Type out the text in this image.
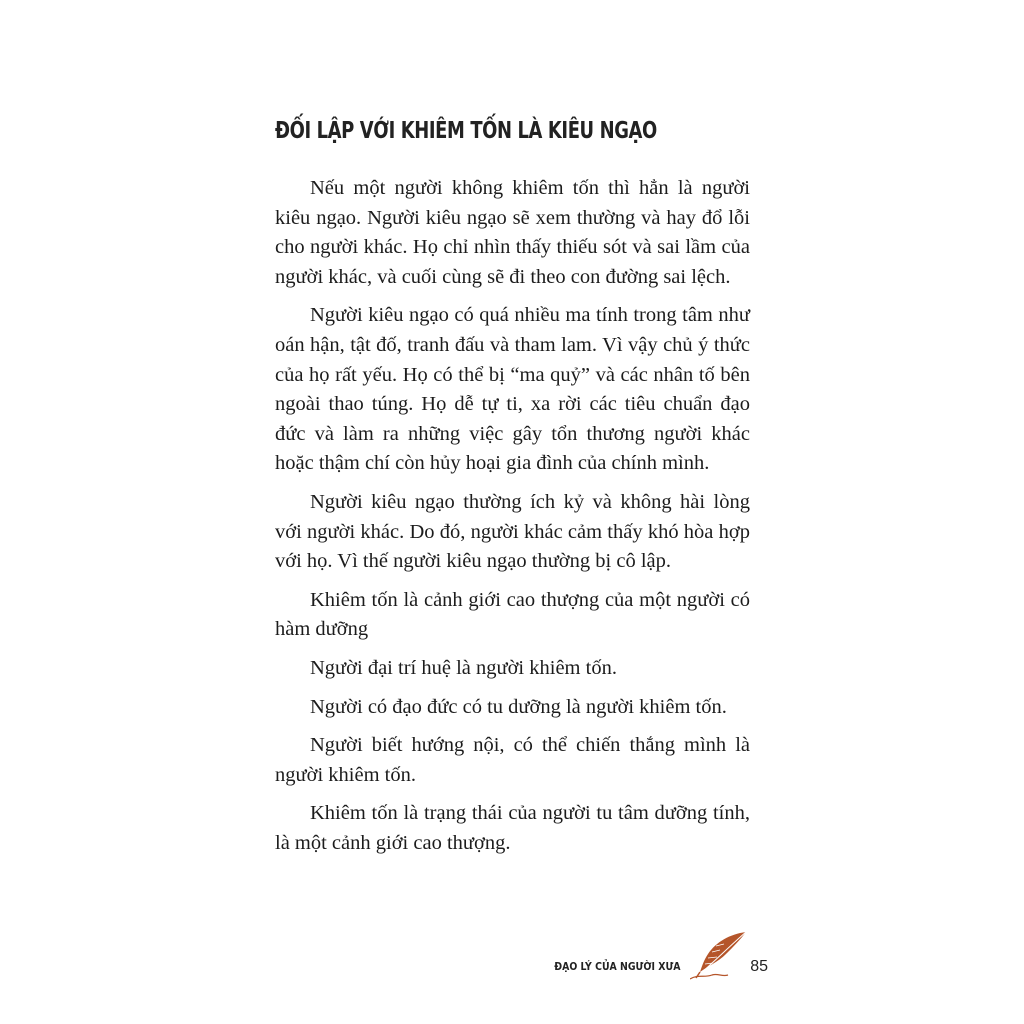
ĐỐI LẬP VỚI KHIÊM TỐN LÀ KIÊU NGẠO

Nếu một người không khiêm tốn thì hẳn là người kiêu ngạo. Người kiêu ngạo sẽ xem thường và hay đổ lỗi cho người khác. Họ chỉ nhìn thấy thiếu sót và sai lầm của người khác, và cuối cùng sẽ đi theo con đường sai lệch.

Người kiêu ngạo có quá nhiều ma tính trong tâm như oán hận, tật đố, tranh đấu và tham lam. Vì vậy chủ ý thức của họ rất yếu. Họ có thể bị “ma quỷ” và các nhân tố bên ngoài thao túng. Họ dễ tự ti, xa rời các tiêu chuẩn đạo đức và làm ra những việc gây tổn thương người khác hoặc thậm chí còn hủy hoại gia đình của chính mình.

Người kiêu ngạo thường ích kỷ và không hài lòng với người khác. Do đó, người khác cảm thấy khó hòa hợp với họ. Vì thế người kiêu ngạo thường bị cô lập.

Khiêm tốn là cảnh giới cao thượng của một người có hàm dưỡng

Người đại trí huệ là người khiêm tốn.

Người có đạo đức có tu dưỡng là người khiêm tốn.

Người biết hướng nội, có thể chiến thắng mình là người khiêm tốn.

Khiêm tốn là trạng thái của người tu tâm dưỡng tính, là một cảnh giới cao thượng.

ĐẠO LÝ CỦA NGƯỜI XƯA	85
